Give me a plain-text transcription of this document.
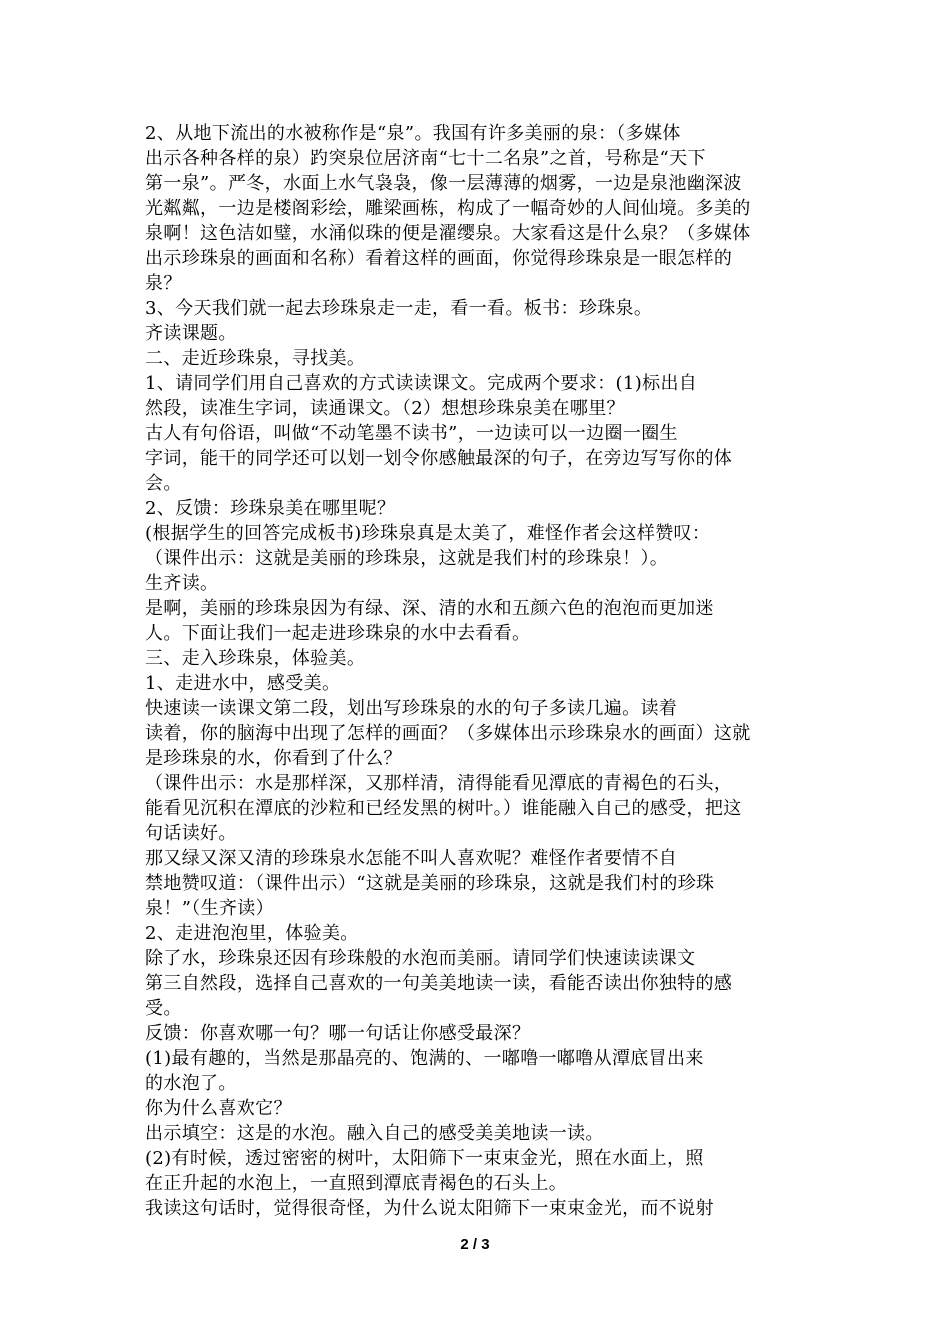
2、从地下流出的水被称作是“泉”。我国有许多美丽的泉：（多媒体
出示各种各样的泉）趵突泉位居济南“七十二名泉”之首，号称是“天下
第一泉”。严冬，水面上水气袅袅，像一层薄薄的烟雾，一边是泉池幽深波
光粼粼，一边是楼阁彩绘，雕梁画栋，构成了一幅奇妙的人间仙境。多美的
泉啊！这色洁如璧，水涌似珠的便是濯缨泉。大家看这是什么泉？（多媒体
出示珍珠泉的画面和名称）看着这样的画面，你觉得珍珠泉是一眼怎样的
泉？
3、今天我们就一起去珍珠泉走一走，看一看。板书：珍珠泉。
齐读课题。
二、走近珍珠泉，寻找美。
1、请同学们用自己喜欢的方式读读课文。完成两个要求：(1)标出自
然段，读准生字词，读通课文。（2）想想珍珠泉美在哪里？
古人有句俗语，叫做“不动笔墨不读书”，一边读可以一边圈一圈生
字词，能干的同学还可以划一划令你感触最深的句子，在旁边写写你的体
会。
2、反馈：珍珠泉美在哪里呢？
(根据学生的回答完成板书)珍珠泉真是太美了，难怪作者会这样赞叹：
（课件出示：这就是美丽的珍珠泉，这就是我们村的珍珠泉！）。
生齐读。
是啊，美丽的珍珠泉因为有绿、深、清的水和五颜六色的泡泡而更加迷
人。下面让我们一起走进珍珠泉的水中去看看。
三、走入珍珠泉，体验美。
1、走进水中，感受美。
快速读一读课文第二段，划出写珍珠泉的水的句子多读几遍。读着
读着，你的脑海中出现了怎样的画面？（多媒体出示珍珠泉水的画面）这就
是珍珠泉的水，你看到了什么？
（课件出示：水是那样深，又那样清，清得能看见潭底的青褐色的石头，
能看见沉积在潭底的沙粒和已经发黑的树叶。）谁能融入自己的感受，把这
句话读好。
那又绿又深又清的珍珠泉水怎能不叫人喜欢呢？难怪作者要情不自
禁地赞叹道：（课件出示）“这就是美丽的珍珠泉，这就是我们村的珍珠
泉！”（生齐读）
2、走进泡泡里，体验美。
除了水，珍珠泉还因有珍珠般的水泡而美丽。请同学们快速读读课文
第三自然段，选择自己喜欢的一句美美地读一读，看能否读出你独特的感
受。
反馈：你喜欢哪一句？哪一句话让你感受最深？
(1)最有趣的，当然是那晶亮的、饱满的、一嘟噜一嘟噜从潭底冒出来
的水泡了。
你为什么喜欢它？
出示填空：这是的水泡。融入自己的感受美美地读一读。
(2)有时候，透过密密的树叶，太阳筛下一束束金光，照在水面上，照
在正升起的水泡上，一直照到潭底青褐色的石头上。
我读这句话时，觉得很奇怪，为什么说太阳筛下一束束金光，而不说射
2 / 3
